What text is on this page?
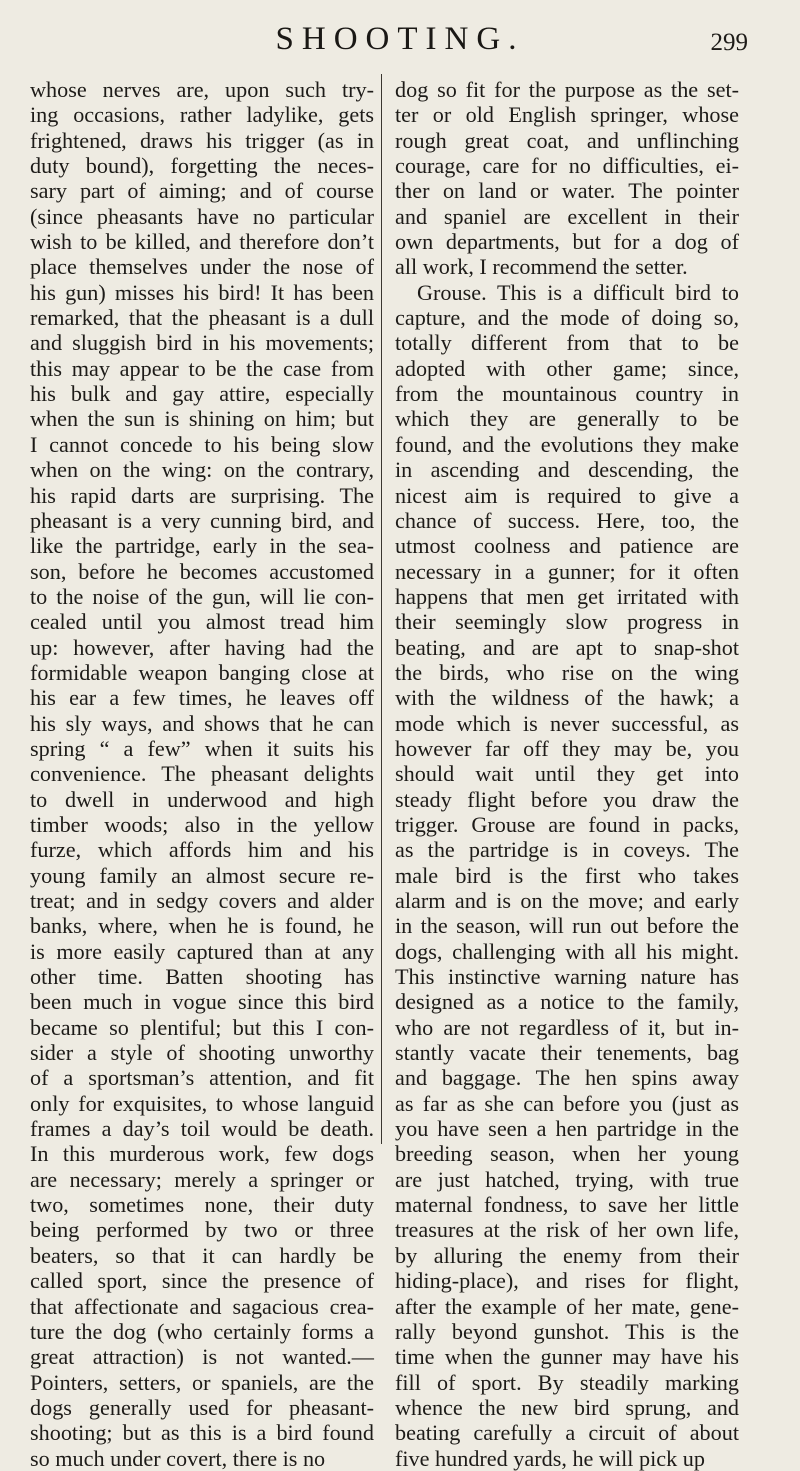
SHOOTING.	299
whose nerves are, upon such try-
ing occasions, rather ladylike, gets
frightened, draws his trigger (as in
duty bound), forgetting the neces-
sary part of aiming; and of course
(since pheasants have no particular
wish to be killed, and therefore don’t
place themselves under the nose of
his gun) misses his bird! It has been
remarked, that the pheasant is a dull
and sluggish bird in his movements;
this may appear to be the case from
his bulk and gay attire, especially
when the sun is shining on him; but
I cannot concede to his being slow
when on the wing: on the contrary,
his rapid darts are surprising. The
pheasant is a very cunning bird, and
like the partridge, early in the sea-
son, before he becomes accustomed
to the noise of the gun, will lie con-
cealed until you almost tread him
up: however, after having had the
formidable weapon banging close at
his ear a few times, he leaves off
his sly ways, and shows that he can
spring “ a few” when it suits his
convenience. The pheasant delights
to dwell in underwood and high
timber woods; also in the yellow
furze, which affords him and his
young family an almost secure re-
treat; and in sedgy covers and alder
banks, where, when he is found, he
is more easily captured than at any
other time. Batten shooting has
been much in vogue since this bird
became so plentiful; but this I con-
sider a style of shooting unworthy
of a sportsman’s attention, and fit
only for exquisites, to whose languid
frames a day’s toil would be death.
In this murderous work, few dogs
are necessary; merely a springer or
two, sometimes none, their duty
being performed by two or three
beaters, so that it can hardly be
called sport, since the presence of
that affectionate and sagacious crea-
ture the dog (who certainly forms a
great attraction) is not wanted.—
Pointers, setters, or spaniels, are the
dogs generally used for pheasant-
shooting; but as this is a bird found
so much under covert, there is no
dog so fit for the purpose as the set-
ter or old English springer, whose
rough great coat, and unflinching
courage, care for no difficulties, ei-
ther on land or water. The pointer
and spaniel are excellent in their
own departments, but for a dog of
all work, I recommend the setter.
Grouse. This is a difficult bird to
capture, and the mode of doing so,
totally different from that to be
adopted with other game; since,
from the mountainous country in
which they are generally to be
found, and the evolutions they make
in ascending and descending, the
nicest aim is required to give a
chance of success. Here, too, the
utmost coolness and patience are
necessary in a gunner; for it often
happens that men get irritated with
their seemingly slow progress in
beating, and are apt to snap-shot
the birds, who rise on the wing
with the wildness of the hawk; a
mode which is never successful, as
however far off they may be, you
should wait until they get into
steady flight before you draw the
trigger. Grouse are found in packs,
as the partridge is in coveys. The
male bird is the first who takes
alarm and is on the move; and early
in the season, will run out before the
dogs, challenging with all his might.
This instinctive warning nature has
designed as a notice to the family,
who are not regardless of it, but in-
stantly vacate their tenements, bag
and baggage. The hen spins away
as far as she can before you (just as
you have seen a hen partridge in the
breeding season, when her young
are just hatched, trying, with true
maternal fondness, to save her little
treasures at the risk of her own life,
by alluring the enemy from their
hiding-place), and rises for flight,
after the example of her mate, gene-
rally beyond gunshot. This is the
time when the gunner may have his
fill of sport. By steadily marking
whence the new bird sprung, and
beating carefully a circuit of about
five hundred yards, he will pick up
